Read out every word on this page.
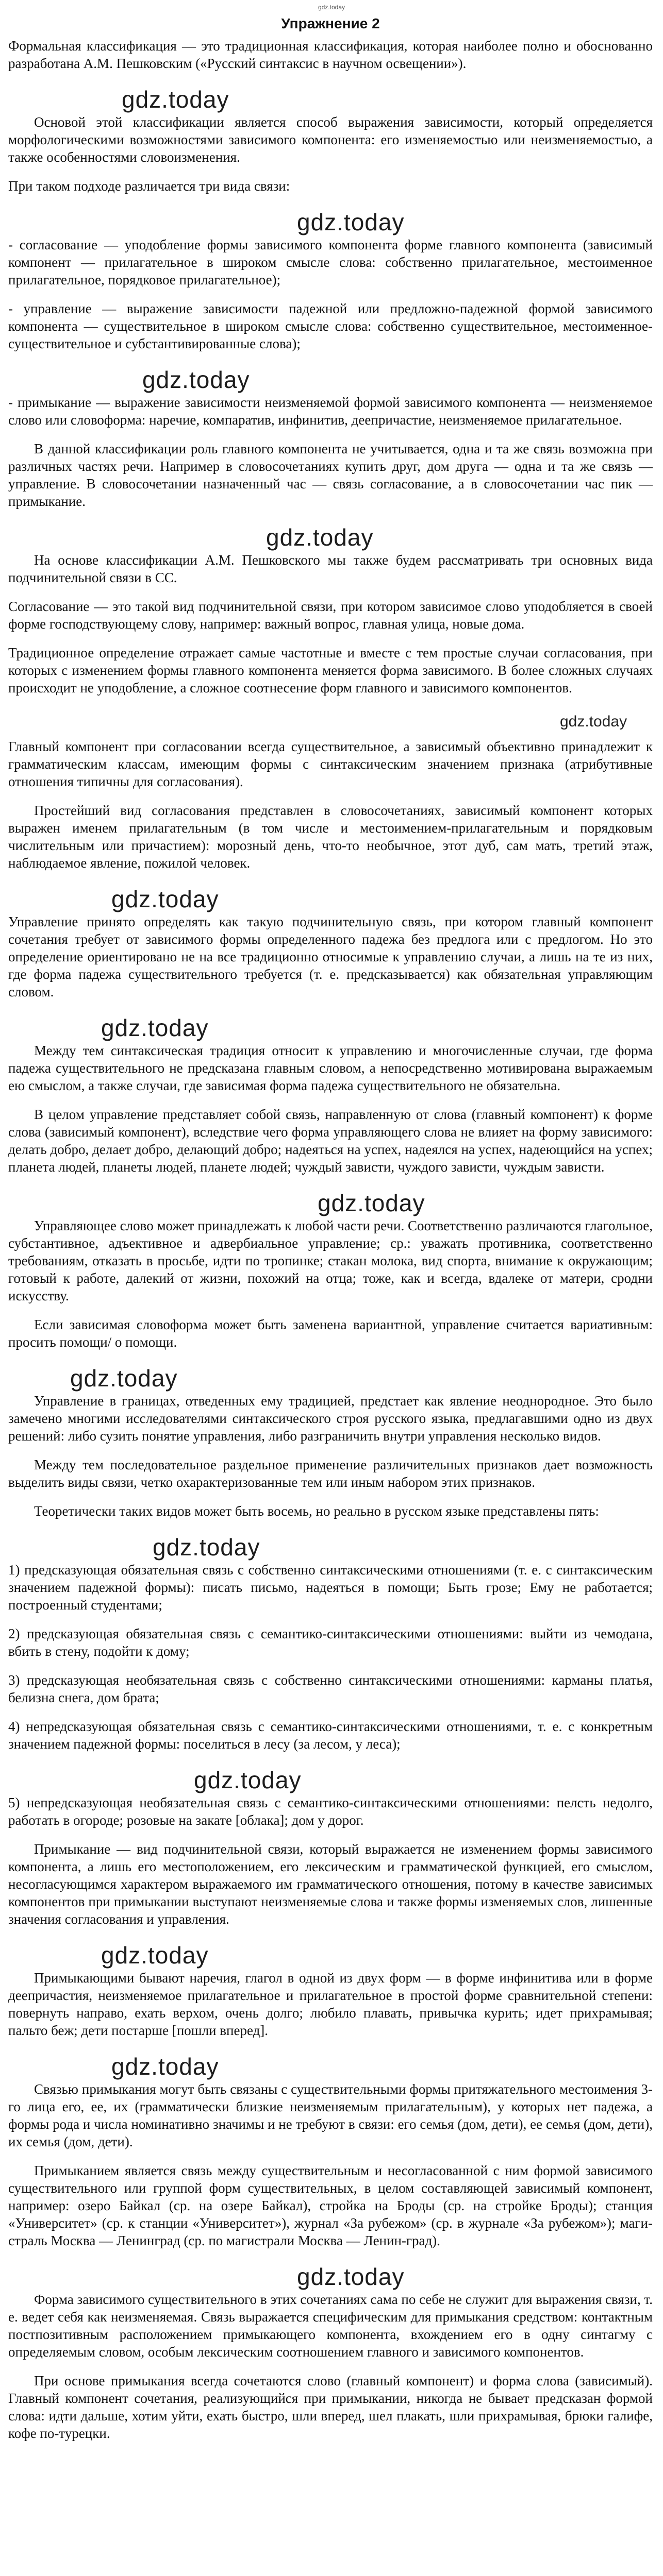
gdz.today
Упражнение 2

Формальная классификация — это традиционная классификация, которая наиболее полно и обоснованно разработана А.М. Пешковским («Русский синтаксис в научном освещении»).

gdz.today

Основой этой классификации является способ выражения зависимости, который определяется морфологическими возможностями зависимого компонента: его изменяемостью или неизменяемостью, а также особенностями словоизменения.

При таком подходе различается три вида связи:

gdz.today

- согласование — уподобление формы зависимого компонента форме главного компонента (зависимый компонент — прилагательное в широком смысле слова: собственно прилагательное, местоименное прилагательное, порядковое прилагательное);

- управление — выражение зависимости падежной или предложно-падежной формой зависимого компонента — существительное в широком смысле слова: собственно существительное, местоименное-существительное и субстантивированные слова);

gdz.today

- примыкание — выражение зависимости неизменяемой формой зависимого компонента — неизменяемое слово или словоформа: наречие, компаратив, инфинитив, деепричастие, неизменяемое прилагательное.

В данной классификации роль главного компонента не учитывается, одна и та же связь возможна при различных частях речи. Например в словосочетаниях купить друг, дом друга — одна и та же связь — управление. В словосочетании назначенный час — связь согласование, а в словосочетании час пик — примыкание.

gdz.today

На основе классификации А.М. Пешковского мы также будем рассматривать три основных вида подчинительной связи в СС.

Согласование — это такой вид подчинительной связи, при котором зависимое слово уподобляется в своей форме господствующему слову, например: важный вопрос, главная улица, новые дома.

Традиционное определение отражает самые частотные и вместе с тем простые случаи согласования, при которых с изменением формы главного компонента меняется форма зависимого. В более сложных случаях происходит не уподобление, а сложное соотнесение форм главного и зависимого компонентов.

gdz.today

Главный компонент при согласовании всегда существительное, а зависимый объективно принадлежит к грамматическим классам, имеющим формы с синтаксическим значением признака (атрибутивные отношения типичны для согласования).

Простейший вид согласования представлен в словосочетаниях, зависимый компонент которых выражен именем прилагательным (в том числе и местоимением-прилагательным и порядковым числительным или причастием): морозный день, что-то необычное, этот дуб, сам мать, третий этаж, наблюдаемое явление, пожилой человек.

gdz.today

Управление принято определять как такую подчинительную связь, при котором главный компонент сочетания требует от зависимого формы определенного падежа без предлога или с предлогом. Но это определение ориентировано не на все традиционно относимые к управлению случаи, а лишь на те из них, где форма падежа существительного требуется (т. е. предсказывается) как обязательная управляющим словом.

gdz.today

Между тем синтаксическая традиция относит к управлению и многочисленные случаи, где форма падежа существительного не предсказана главным словом, а непосредственно мотивирована выражаемым ею смыслом, а также случаи, где зависимая форма падежа существительного не обязательна.

В целом управление представляет собой связь, направленную от слова (главный компонент) к форме слова (зависимый компонент), вследствие чего форма управляющего слова не влияет на форму зависимого: делать добро, делает добро, делающий добро; надеяться на успех, надеялся на успех, надеющийся на успех; планета людей, планеты людей, планете людей; чуждый зависти, чуждого зависти, чуждым зависти.

gdz.today

Управляющее слово может принадлежать к любой части речи. Соответственно различаются глагольное, субстантивное, адъективное и адвербиальное управление; ср.: уважать противника, соответственно требованиям, отказать в просьбе, идти по тропинке; стакан молока, вид спорта, внимание к окружающим; готовый к работе, далекий от жизни, похожий на отца; тоже, как и всегда, вдалеке от матери, сродни искусству.

Если зависимая словоформа может быть заменена вариантной, управление считается вариативным: просить помощи/ о помощи.

gdz.today

Управление в границах, отведенных ему традицией, предстает как явление неоднородное. Это было замечено многими исследователями синтаксического строя русского языка, предлагавшими одно из двух решений: либо сузить понятие управления, либо разграничить внутри управления несколько видов.

Между тем последовательное раздельное применение различительных признаков дает возможность выделить виды связи, четко охарактеризованные тем или иным набором этих признаков.

Теоретически таких видов может быть восемь, но реально в русском языке представлены пять:

gdz.today

1) предсказующая обязательная связь с собственно синтаксическими отношениями (т. е. с синтаксическим значением падежной формы): писать письмо, надеяться в помощи; Быть грозе; Ему не работается; построенный студентами;

2) предсказующая обязательная связь с семантико-синтаксическими отношениями: выйти из чемодана, вбить в стену, подойти к дому;

3) предсказующая необязательная связь с собственно синтаксическими отношениями: карманы платья, белизна снега, дом брата;

4) непредсказующая обязательная связь с семантико-синтаксическими отношениями, т. е. с конкретным значением падежной формы: поселиться в лесу (за лесом, у леса);

gdz.today

5) непредсказующая необязательная связь с семантико-синтаксическими отношениями: пелсть недолго, работать в огороде; розовые на закате [облака]; дом у дорог.

Примыкание — вид подчинительной связи, который выражается не изменением формы зависимого компонента, а лишь его местоположением, его лексическим и грамматической функцией, его смыслом, несогласующимся характером выражаемого им грамматического отношения, потому в качестве зависимых компонентов при примыкании выступают неизменяемые слова и также формы изменяемых слов, лишенные значения согласования и управления.

gdz.today

Примыкающими бывают наречия, глагол в одной из двух форм — в форме инфинитива или в форме деепричастия, неизменяемое прилагательное и прилагательное в простой форме сравнительной степени: повернуть направо, ехать верхом, очень долго; любило плавать, привычка курить; идет прихрамывая; пальто беж; дети постарше [пошли вперед].

gdz.today

Связью примыкания могут быть связаны с существительными формы притяжательного местоимения 3-го лица его, ее, их (грамматически близкие неизменяемым прилагательным), у которых нет падежа, а формы рода и числа номинативно значимы и не требуют в связи: его семья (дом, дети), ее семья (дом, дети), их семья (дом, дети).

Примыканием является связь между существительным и несогласованной с ним формой зависимого существительного или группой форм существительных, в целом составляющей зависимый компонент, например: озеро Байкал (ср. на озере Байкал), стройка на Броды (ср. на стройке Броды); станция «Университет» (ср. к станции «Университет»), журнал «За рубежом» (ср. в журнале «За рубежом»); маги-страль Москва — Ленинград (ср. по магистрали Москва — Ленин-град).

gdz.today

Форма зависимого существительного в этих сочетаниях сама по себе не служит для выражения связи, т. е. ведет себя как неизменяемая. Связь выражается специфическим для примыкания средством: контактным постпозитивным расположением примыкающего компонента, вхождением его в одну синтагму с определяемым словом, особым лексическим соотношением главного и зависимого компонентов.

При основе примыкания всегда сочетаются слово (главный компонент) и форма слова (зависимый). Главный компонент сочетания, реализующийся при примыкании, никогда не бывает предсказан формой слова: идти дальше, хотим уйти, ехать быстро, шли вперед, шел плакать, шли прихрамывая, брюки галифе, кофе по-турецки.
